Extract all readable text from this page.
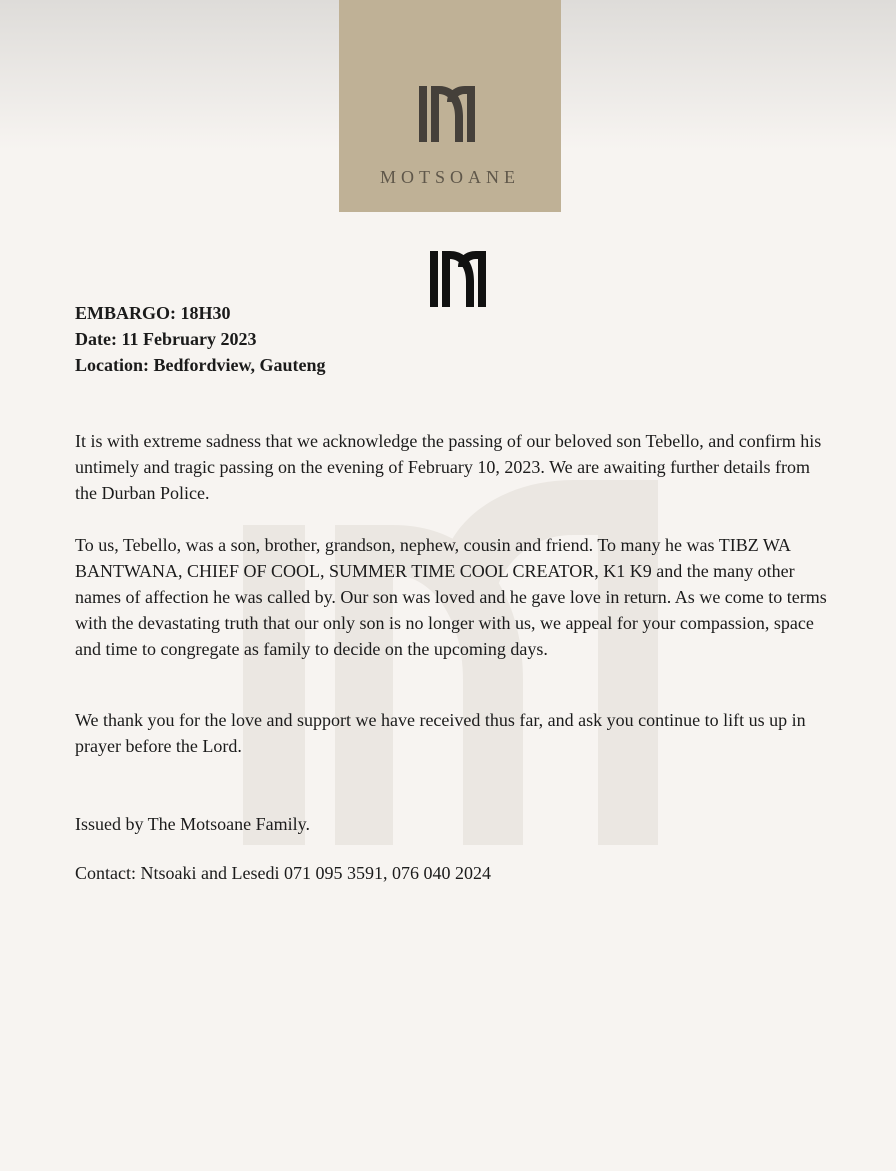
MOTSOANE
EMBARGO: 18H30
Date: 11 February 2023
Location: Bedfordview, Gauteng

It is with extreme sadness that we acknowledge the passing of our beloved son Tebello, and confirm his untimely and tragic passing on the evening of February 10, 2023. We are awaiting further details from the Durban Police.

To us, Tebello, was a son, brother, grandson, nephew, cousin and friend. To many he was TIBZ WA BANTWANA, CHIEF OF COOL, SUMMER TIME COOL CREATOR, K1 K9 and the many other names of affection he was called by. Our son was loved and he gave love in return. As we come to terms with the devastating truth that our only son is no longer with us, we appeal for your compassion, space and time to congregate as family to decide on the upcoming days.

We thank you for the love and support we have received thus far, and ask you continue to lift us up in prayer before the Lord.

Issued by The Motsoane Family.

Contact: Ntsoaki and Lesedi 071 095 3591, 076 040 2024
